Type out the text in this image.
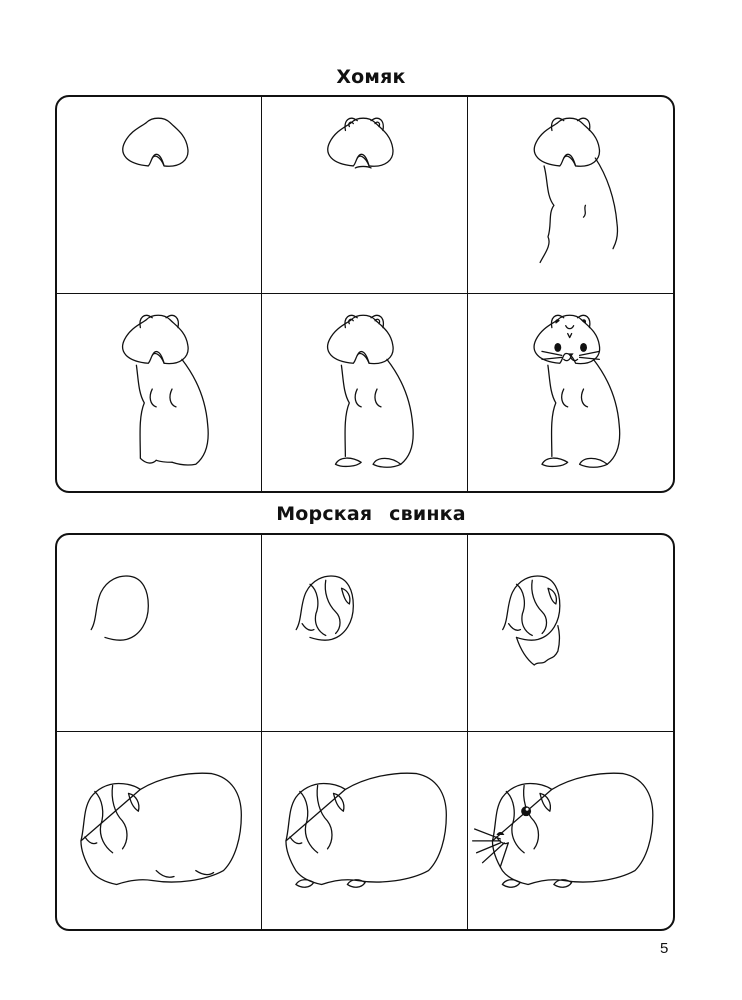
Хомяк
Морская свинка
5
